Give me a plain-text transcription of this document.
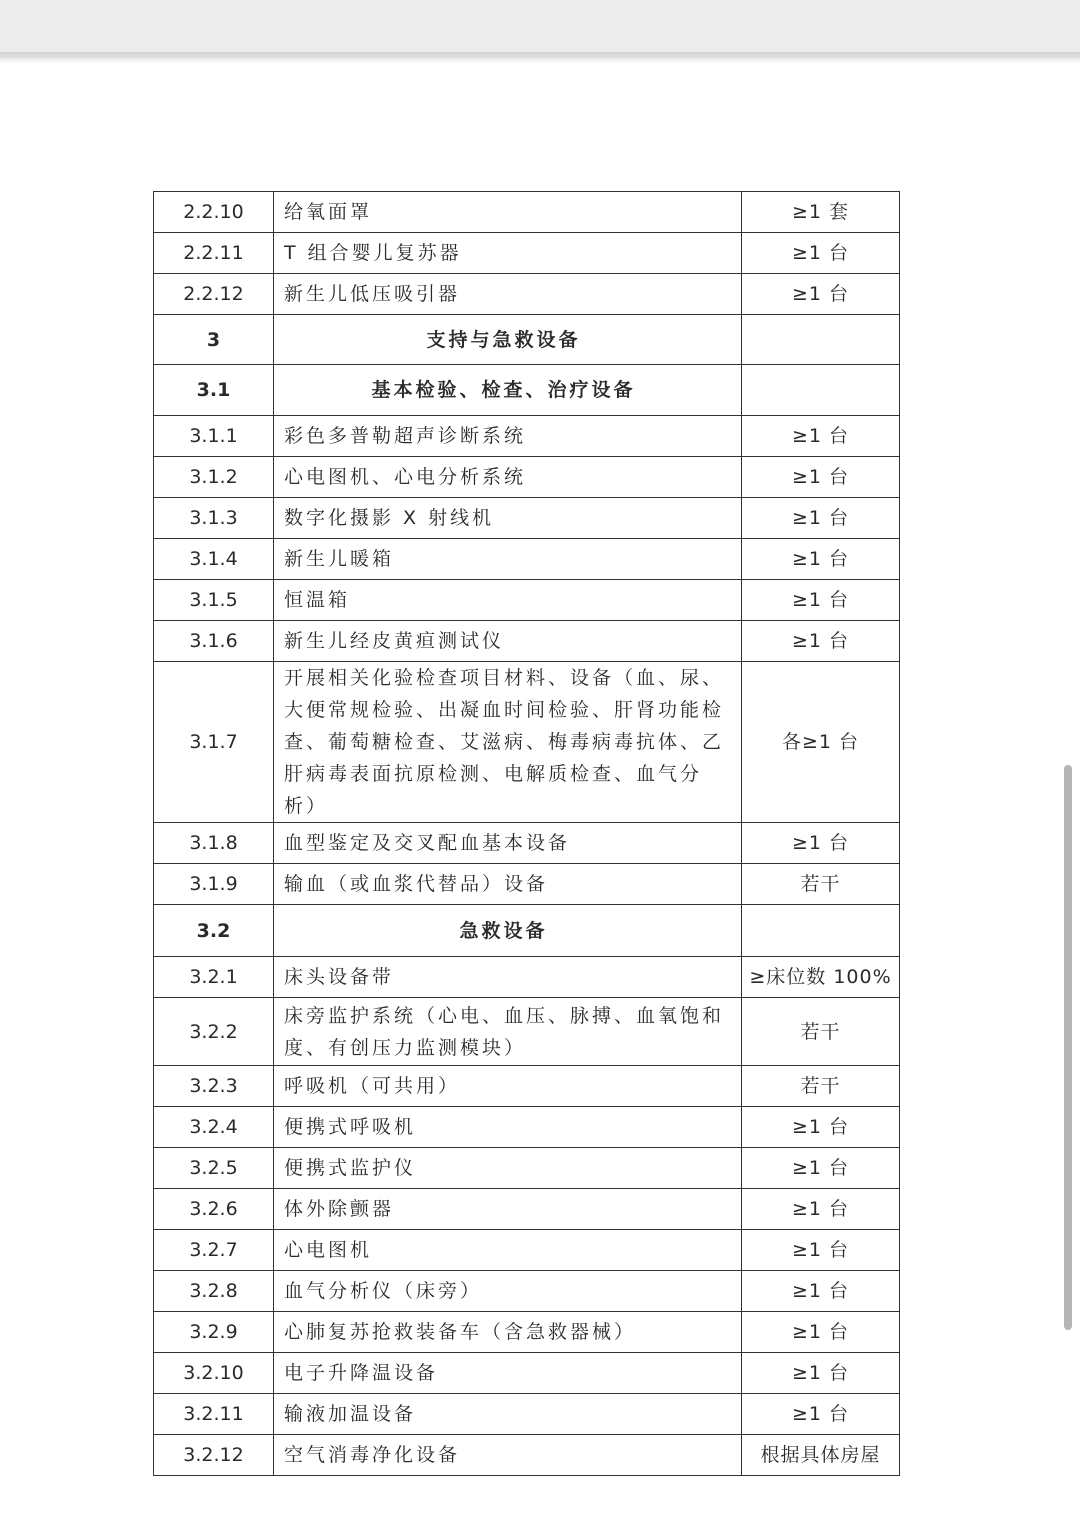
2.2.10	给氧面罩	≥1 套
2.2.11	T 组合婴儿复苏器	≥1 台
2.2.12	新生儿低压吸引器	≥1 台
3	支持与急救设备	
3.1	基本检验、检查、治疗设备	
3.1.1	彩色多普勒超声诊断系统	≥1 台
3.1.2	心电图机、心电分析系统	≥1 台
3.1.3	数字化摄影 X 射线机	≥1 台
3.1.4	新生儿暖箱	≥1 台
3.1.5	恒温箱	≥1 台
3.1.6	新生儿经皮黄疸测试仪	≥1 台
3.1.7	开展相关化验检查项目材料、设备（血、尿、大便常规检验、出凝血时间检验、肝肾功能检查、葡萄糖检查、艾滋病、梅毒病毒抗体、乙肝病毒表面抗原检测、电解质检查、血气分析）	各≥1 台
3.1.8	血型鉴定及交叉配血基本设备	≥1 台
3.1.9	输血（或血浆代替品）设备	若干
3.2	急救设备	
3.2.1	床头设备带	≥床位数 100%
3.2.2	床旁监护系统（心电、血压、脉搏、血氧饱和度、有创压力监测模块）	若干
3.2.3	呼吸机（可共用）	若干
3.2.4	便携式呼吸机	≥1 台
3.2.5	便携式监护仪	≥1 台
3.2.6	体外除颤器	≥1 台
3.2.7	心电图机	≥1 台
3.2.8	血气分析仪（床旁）	≥1 台
3.2.9	心肺复苏抢救装备车（含急救器械）	≥1 台
3.2.10	电子升降温设备	≥1 台
3.2.11	输液加温设备	≥1 台
3.2.12	空气消毒净化设备	根据具体房屋
